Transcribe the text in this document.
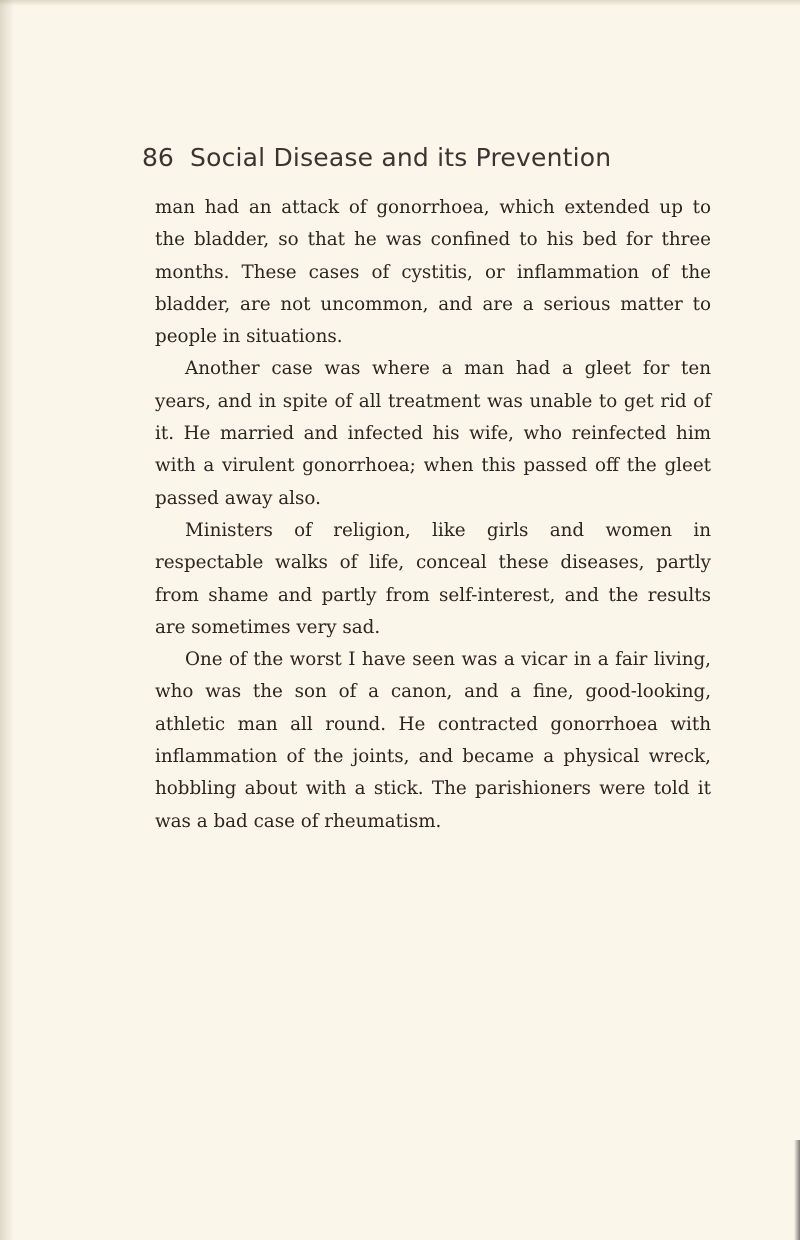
86 Social Disease and its Prevention

man had an attack of gonorrhoea, which extended up to the bladder, so that he was confined to his bed for three months. These cases of cystitis, or inflammation of the bladder, are not uncommon, and are a serious matter to people in situations.

Another case was where a man had a gleet for ten years, and in spite of all treatment was unable to get rid of it. He married and infected his wife, who reinfected him with a virulent gonorrhoea; when this passed off the gleet passed away also.

Ministers of religion, like girls and women in respectable walks of life, conceal these diseases, partly from shame and partly from self-interest, and the results are sometimes very sad.

One of the worst I have seen was a vicar in a fair living, who was the son of a canon, and a fine, good-looking, athletic man all round. He contracted gonorrhoea with inflammation of the joints, and became a physical wreck, hobbling about with a stick. The parishioners were told it was a bad case of rheumatism.
